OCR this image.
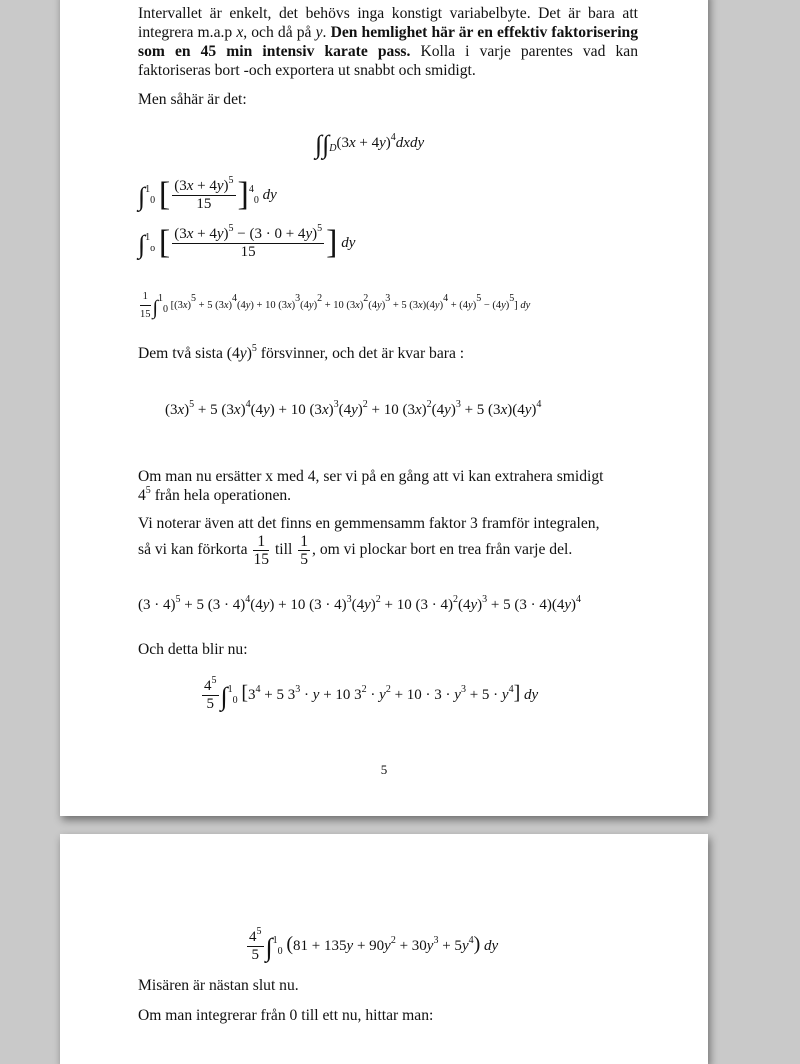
Intervallet är enkelt, det behövs inga konstigt variabelbyte. Det är bara att integrera m.a.p x, och då på y. Den hemlighet här är en effektiv faktorisering som en 45 min intensiv karate pass. Kolla i varje parentes vad kan faktoriseras bort -och exportera ut snabbt och smidigt.
Men såhär är det:
$\int\int_D(3x$ + $4y)^4dxdy$
∫$^1_0$ [ $\frac{(3x + 4y)^5}{15} ]^4_0$ dy
∫$^1_o$ [ $\frac{(3x + 4y)^5 - (3 \cdot 0 + 4y)^5}{15}$ ] dy
$\frac{1}{15} \int^1_0$ [$(3x)^5 + 5$ $(3x)^4(4y) + 10$ $(3x)^3(4y)^2 + 10$ $(3x)^2(4y)^3 + 5$ $(3x)(4y)^4 + (4y)^5 - (4y)^5$] dy
Dem två sista $(4y)^5$ försvinner, och det är kvar bara :
$(3x)^5 + 5$ $(3x)^4(4y) + 10$ $(3x)^3(4y)^2 + 10$ $(3x)^2(4y)^3 + 5$ $(3x)(4y)^4$
Om man nu ersätter x med 4, ser vi på en gång att vi kan extrahera smidigt
$4^5$ från hela operationen.
Vi noterar även att det finns en gemmensamm faktor 3 framför integralen,
så vi kan förkorta $\frac{1}{15}$ till $\frac{1}{5}$ , om vi plockar bort en trea från varje del.
$(3 \cdot 4)^5 + 5$ $(3 \cdot 4)^4(4y) + 10$ $(3 \cdot 4)^3(4y)^2 + 10$ $(3 \cdot 4)^2(4y)^3 + 5$ $(3 \cdot 4)(4y)^4$
Och detta blir nu:
$\frac{4^5}{5} \int^1_0$ [$3^4 + 5$ $3^3 \cdot y + 10$ $3^2 \cdot y^2 + 10 \cdot 3 \cdot y^3 + 5 \cdot y^4$] dy
5
$\frac{4^5}{5} \int^1_0$ $(81 + 135y + 90y^2 + 30y^3 + 5y^4)$ dy
Misären är nästan slut nu.
Om man integrerar från 0 till ett nu, hittar man:
